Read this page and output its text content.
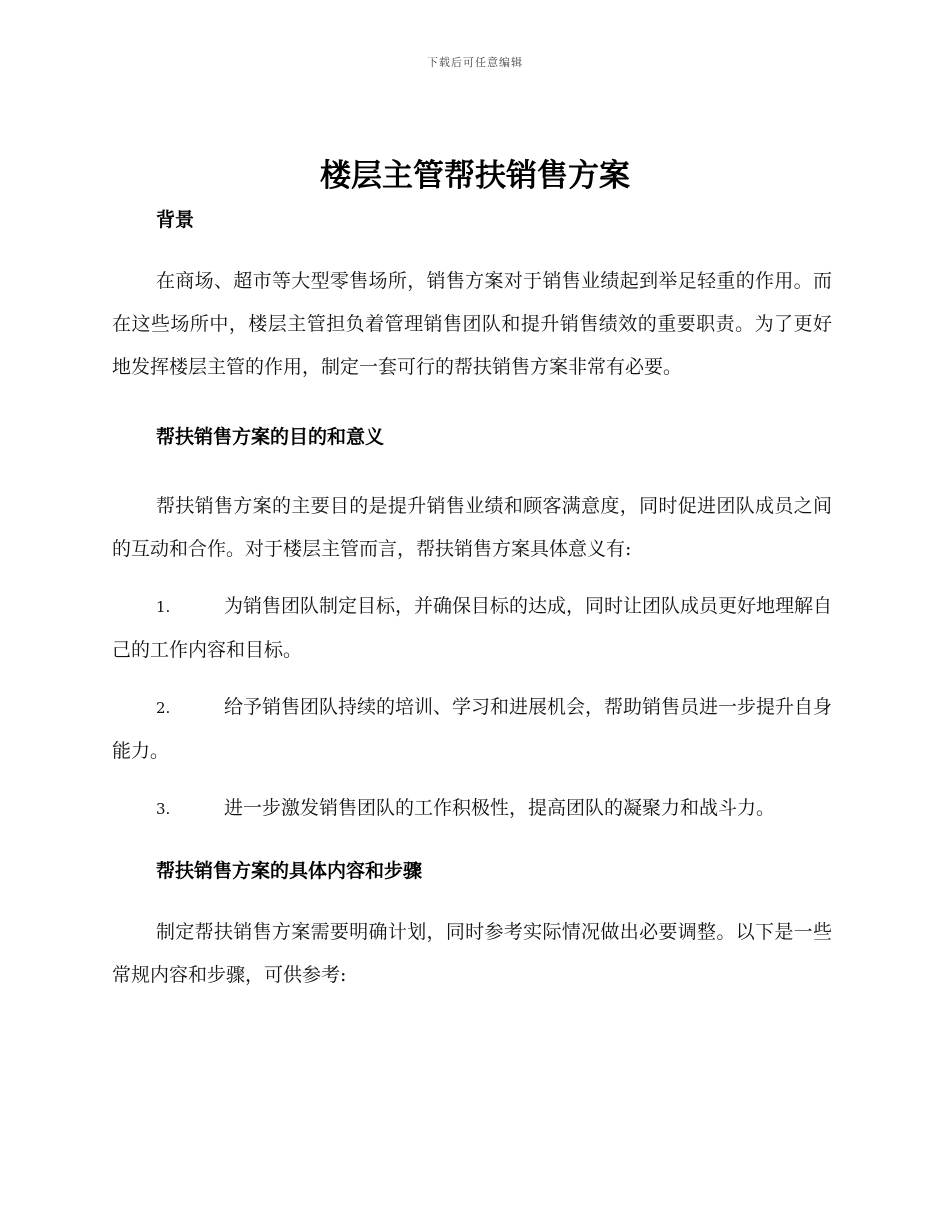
下载后可任意编辑
楼层主管帮扶销售方案
背景

在商场、超市等大型零售场所，销售方案对于销售业绩起到举足轻重的作用。而在这些场所中，楼层主管担负着管理销售团队和提升销售绩效的重要职责。为了更好地发挥楼层主管的作用，制定一套可行的帮扶销售方案非常有必要。

帮扶销售方案的目的和意义

帮扶销售方案的主要目的是提升销售业绩和顾客满意度，同时促进团队成员之间的互动和合作。对于楼层主管而言，帮扶销售方案具体意义有:

1.	为销售团队制定目标，并确保目标的达成，同时让团队成员更好地理解自己的工作内容和目标。
2.	给予销售团队持续的培训、学习和进展机会，帮助销售员进一步提升自身能力。
3.	进一步激发销售团队的工作积极性，提高团队的凝聚力和战斗力。
帮扶销售方案的具体内容和步骤

制定帮扶销售方案需要明确计划，同时参考实际情况做出必要调整。以下是一些常规内容和步骤，可供参考:
